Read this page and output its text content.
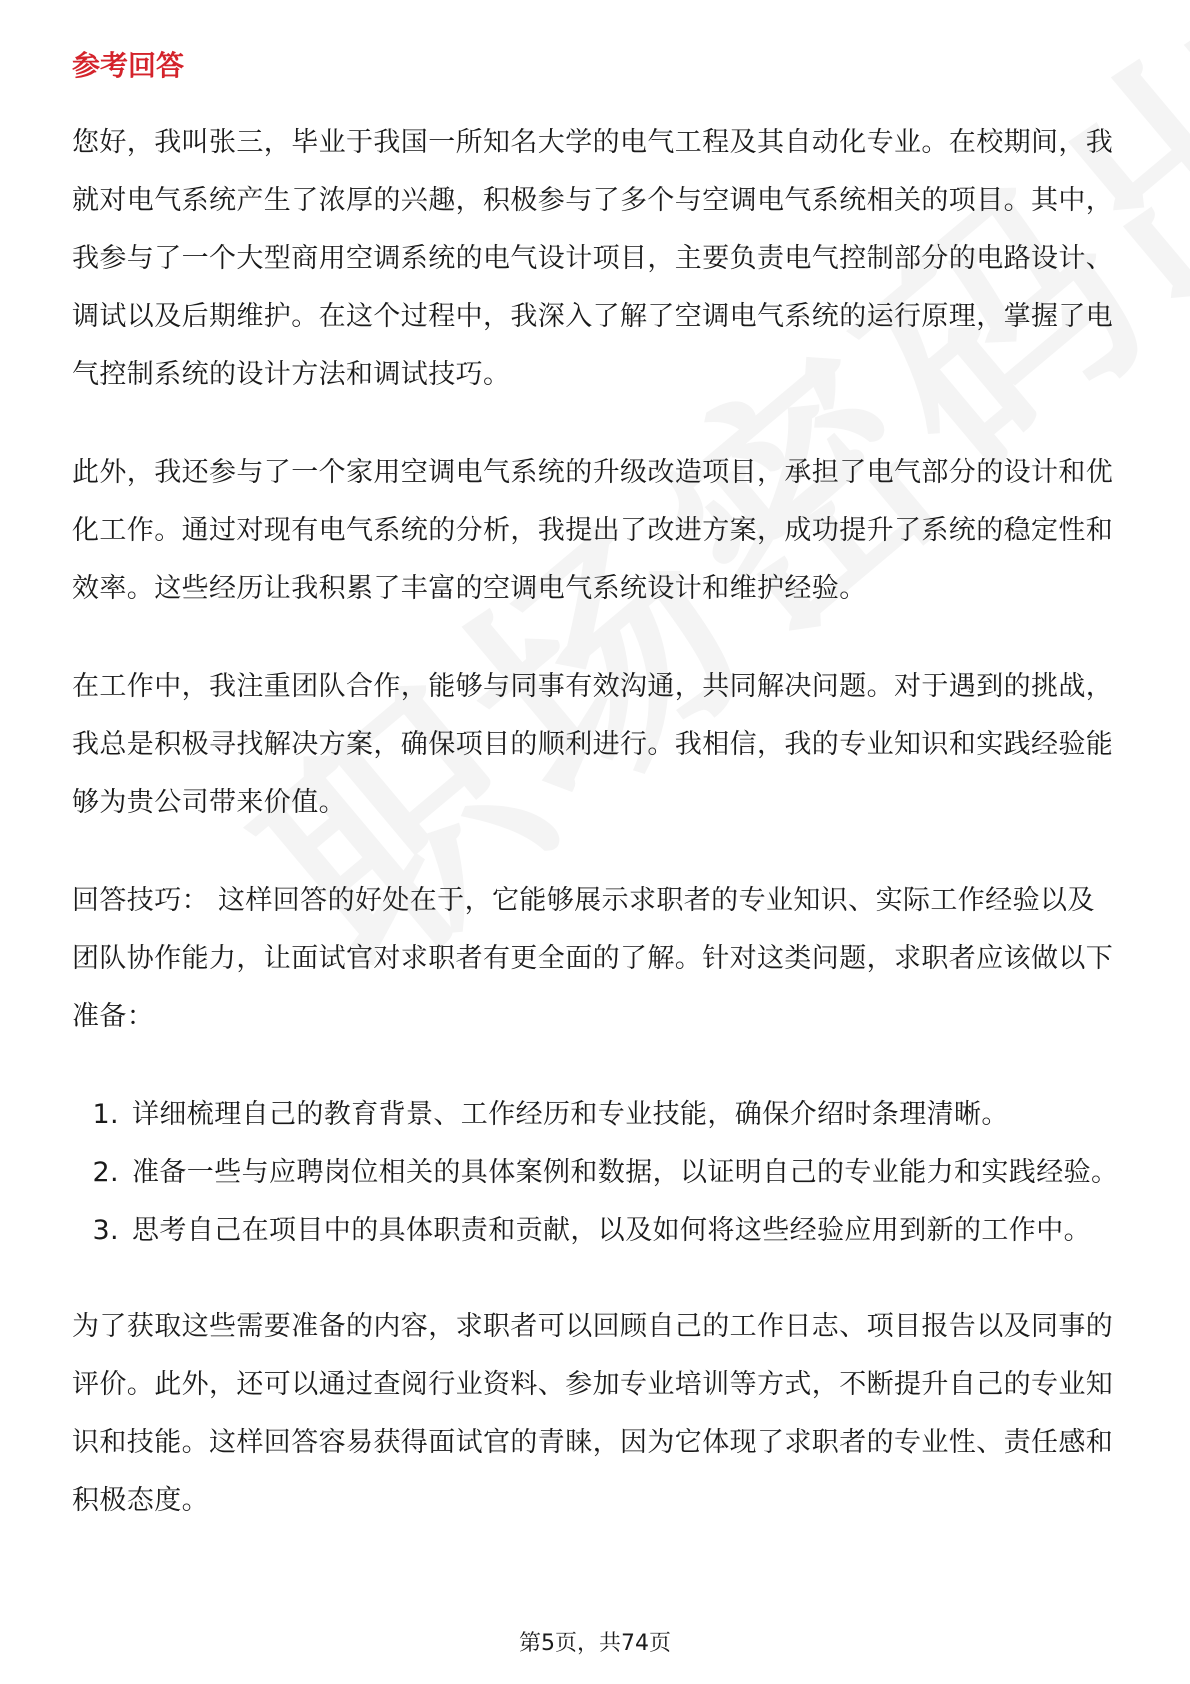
参考回答

您好，我叫张三，毕业于我国一所知名大学的电气工程及其自动化专业。在校期间，我就对电气系统产生了浓厚的兴趣，积极参与了多个与空调电气系统相关的项目。其中，我参与了一个大型商用空调系统的电气设计项目，主要负责电气控制部分的电路设计、调试以及后期维护。在这个过程中，我深入了解了空调电气系统的运行原理，掌握了电气控制系统的设计方法和调试技巧。

此外，我还参与了一个家用空调电气系统的升级改造项目，承担了电气部分的设计和优化工作。通过对现有电气系统的分析，我提出了改进方案，成功提升了系统的稳定性和效率。这些经历让我积累了丰富的空调电气系统设计和维护经验。

在工作中，我注重团队合作，能够与同事有效沟通，共同解决问题。对于遇到的挑战，我总是积极寻找解决方案，确保项目的顺利进行。我相信，我的专业知识和实践经验能够为贵公司带来价值。

回答技巧： 这样回答的好处在于，它能够展示求职者的专业知识、实际工作经验以及团队协作能力，让面试官对求职者有更全面的了解。针对这类问题，求职者应该做以下准备：

1. 详细梳理自己的教育背景、工作经历和专业技能，确保介绍时条理清晰。
2. 准备一些与应聘岗位相关的具体案例和数据，以证明自己的专业能力和实践经验。
3. 思考自己在项目中的具体职责和贡献，以及如何将这些经验应用到新的工作中。

为了获取这些需要准备的内容，求职者可以回顾自己的工作日志、项目报告以及同事的评价。此外，还可以通过查阅行业资料、参加专业培训等方式，不断提升自己的专业知识和技能。这样回答容易获得面试官的青睐，因为它体现了求职者的专业性、责任感和积极态度。

第5页，共74页
